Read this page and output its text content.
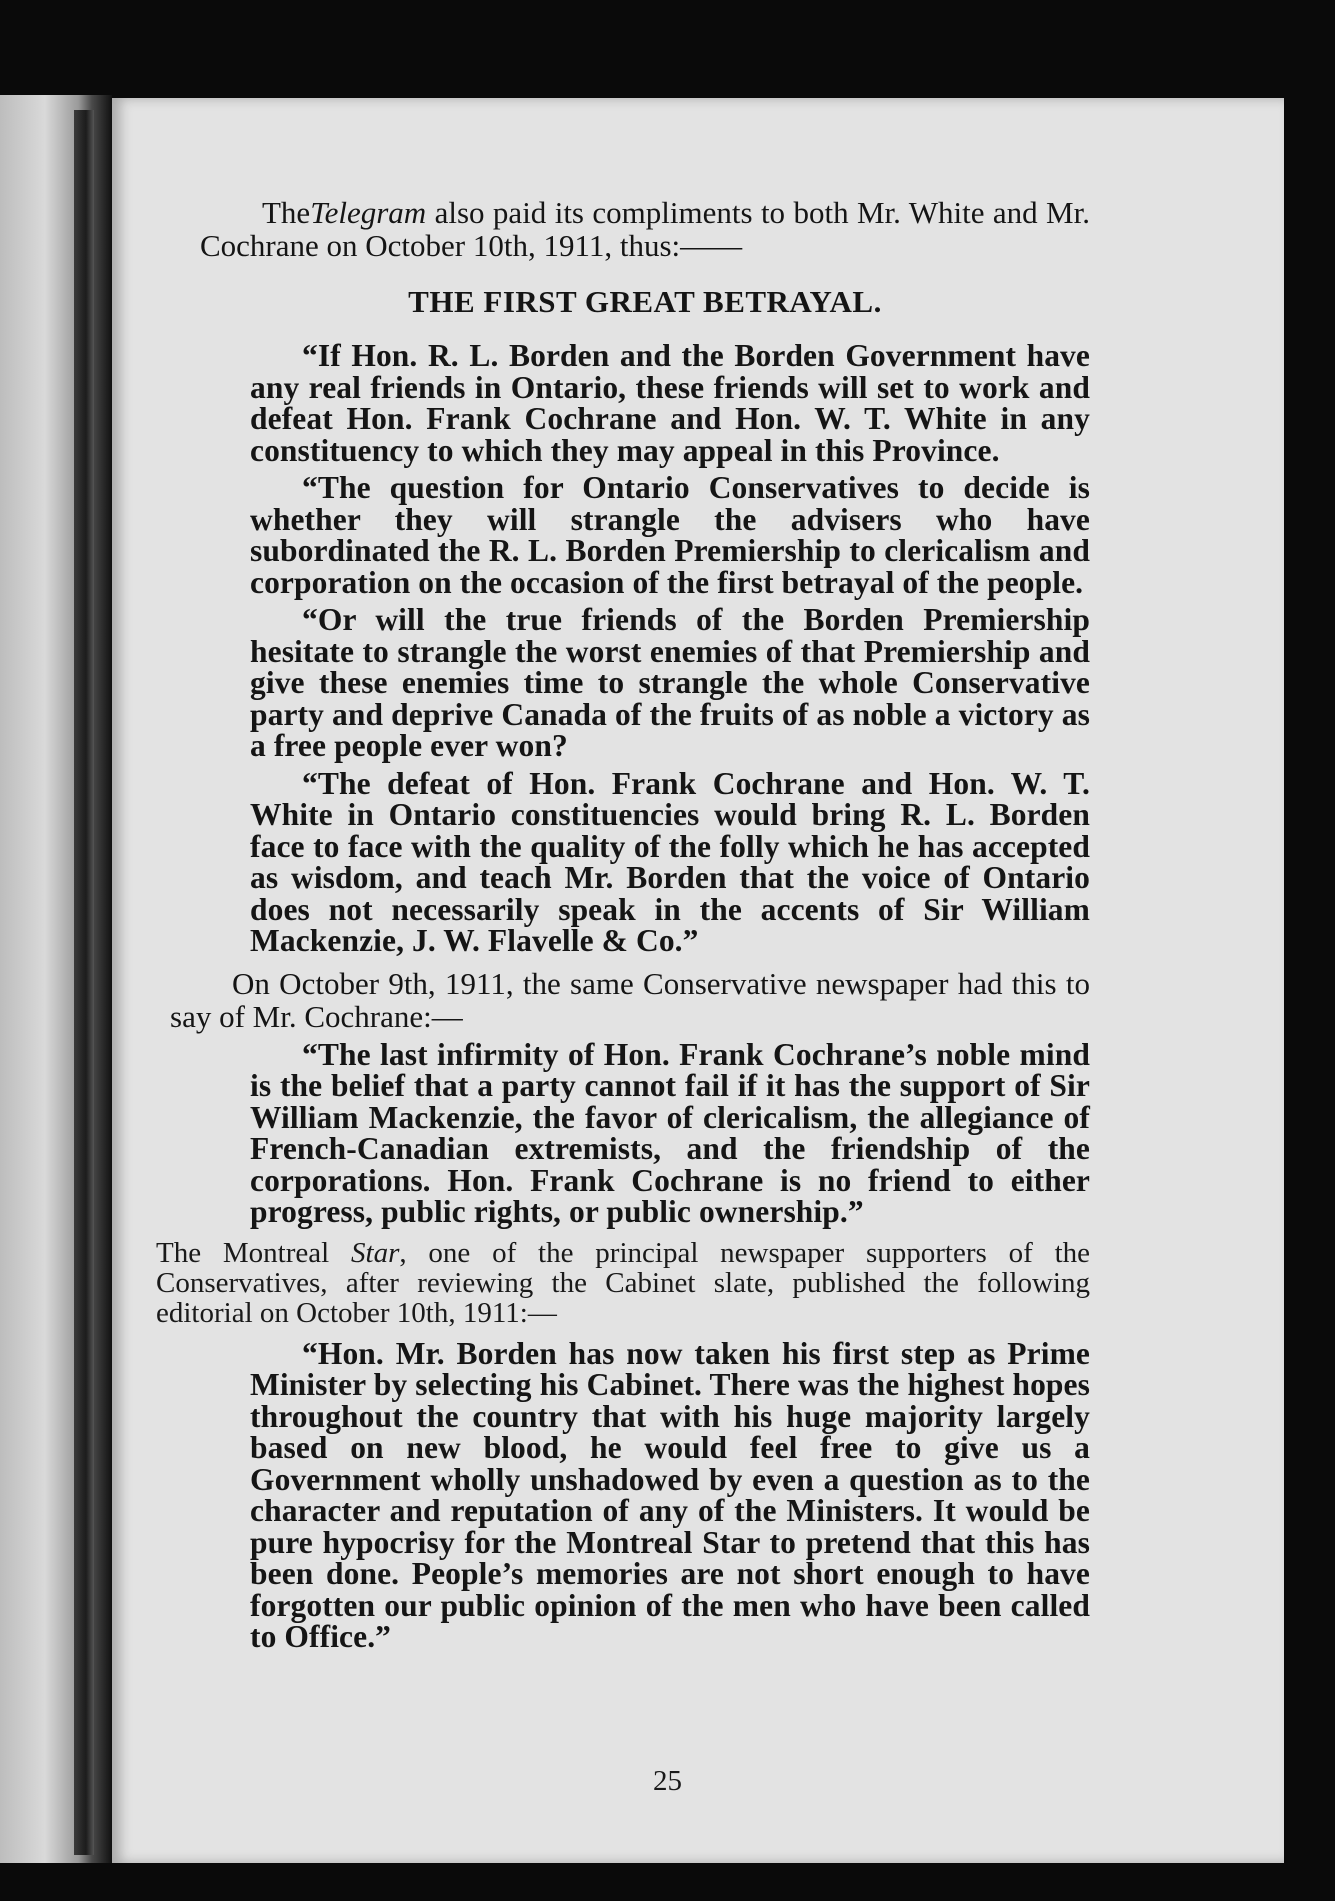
TheTelegram also paid its compliments to both Mr. White and Mr. Cochrane on October 10th, 1911, thus:——

THE FIRST GREAT BETRAYAL.

“If Hon. R. L. Borden and the Borden Government have any real friends in Ontario, these friends will set to work and defeat Hon. Frank Cochrane and Hon. W. T. White in any constituency to which they may appeal in this Province.

“The question for Ontario Conservatives to decide is whether they will strangle the advisers who have subordinated the R. L. Borden Premiership to clericalism and corporation on the occasion of the first betrayal of the people.

“Or will the true friends of the Borden Premiership hesitate to strangle the worst enemies of that Premiership and give these enemies time to strangle the whole Conservative party and deprive Canada of the fruits of as noble a victory as a free people ever won?

“The defeat of Hon. Frank Cochrane and Hon. W. T. White in Ontario constituencies would bring R. L. Borden face to face with the quality of the folly which he has accepted as wisdom, and teach Mr. Borden that the voice of Ontario does not necessarily speak in the accents of Sir William Mackenzie, J. W. Flavelle & Co.”

On October 9th, 1911, the same Conservative newspaper had this to say of Mr. Cochrane:—

“The last infirmity of Hon. Frank Cochrane’s noble mind is the belief that a party cannot fail if it has the support of Sir William Mackenzie, the favor of clericalism, the allegiance of French-Canadian extremists, and the friendship of the corporations. Hon. Frank Cochrane is no friend to either progress, public rights, or public ownership.”

The Montreal Star, one of the principal newspaper supporters of the Conservatives, after reviewing the Cabinet slate, published the following editorial on October 10th, 1911:—

“Hon. Mr. Borden has now taken his first step as Prime Minister by selecting his Cabinet. There was the highest hopes throughout the country that with his huge majority largely based on new blood, he would feel free to give us a Government wholly unshadowed by even a question as to the character and reputation of any of the Ministers. It would be pure hypocrisy for the Montreal Star to pretend that this has been done. People’s memories are not short enough to have forgotten our public opinion of the men who have been called to Office.”

25
